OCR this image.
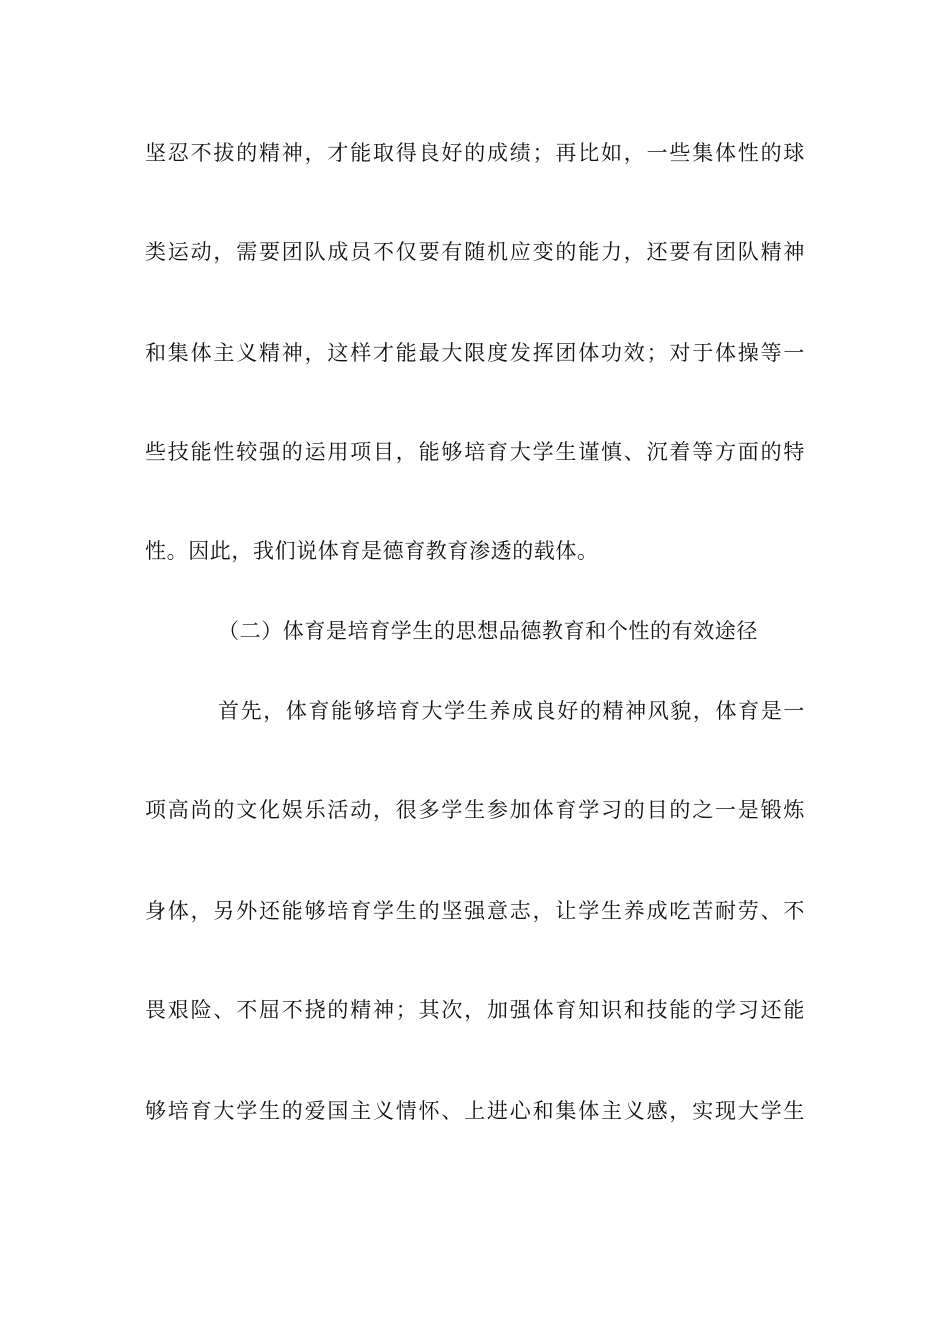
坚忍不拔的精神，才能取得良好的成绩；再比如，一些集体性的球
类运动，需要团队成员不仅要有随机应变的能力，还要有团队精神
和集体主义精神，这样才能最大限度发挥团体功效；对于体操等一
些技能性较强的运用项目，能够培育大学生谨慎、沉着等方面的特
性。因此，我们说体育是德育教育渗透的载体。
（二）体育是培育学生的思想品德教育和个性的有效途径
首先，体育能够培育大学生养成良好的精神风貌，体育是一
项高尚的文化娱乐活动，很多学生参加体育学习的目的之一是锻炼
身体，另外还能够培育学生的坚强意志，让学生养成吃苦耐劳、不
畏艰险、不屈不挠的精神；其次，加强体育知识和技能的学习还能
够培育大学生的爱国主义情怀、上进心和集体主义感，实现大学生
